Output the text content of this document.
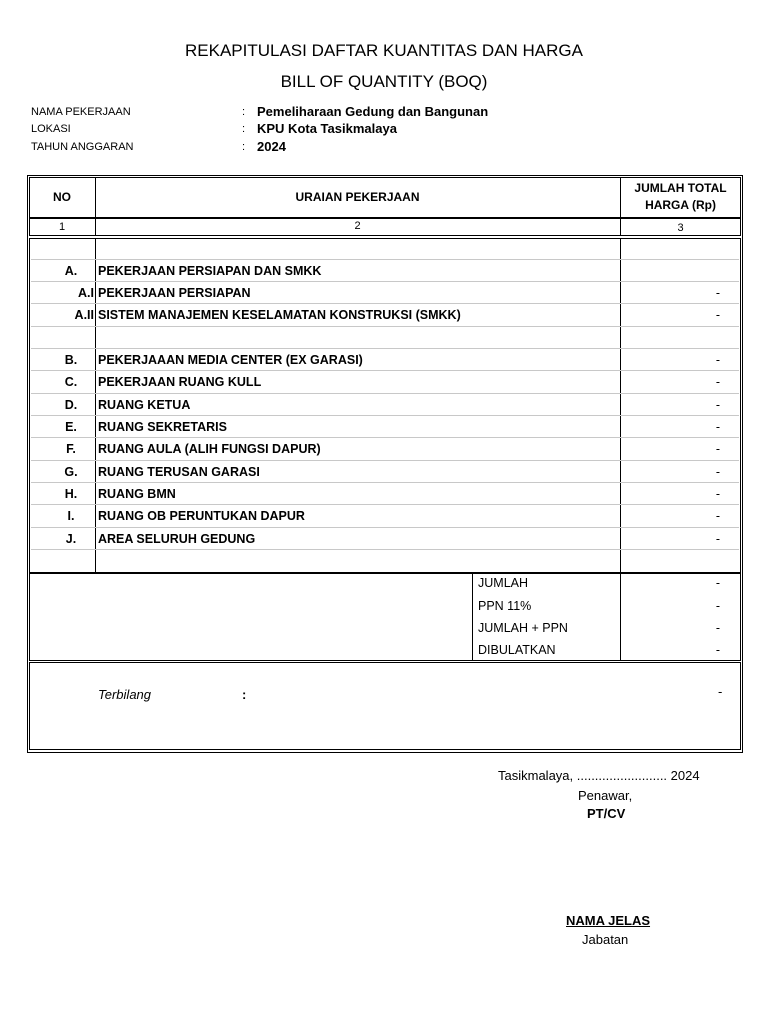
REKAPITULASI DAFTAR KUANTITAS DAN HARGA
BILL OF QUANTITY (BOQ)
NAMA PEKERJAAN	: Pemeliharaan Gedung dan Bangunan
LOKASI	: KPU Kota Tasikmalaya
TAHUN ANGGARAN	: 2024
NO	URAIAN PEKERJAAN
JUMLAH TOTAL
HARGA (Rp)
1	2	3
A.	PEKERJAAN PERSIAPAN DAN SMKK
A.I PEKERJAAN PERSIAPAN	-
A.II SISTEM MANAJEMEN KESELAMATAN KONSTRUKSI (SMKK)	-
B.	PEKERJAAAN MEDIA CENTER (EX GARASI)	-
C.	PEKERJAAN RUANG KULL	-
D.	RUANG KETUA	-
E.	RUANG SEKRETARIS	-
F.	RUANG AULA (ALIH FUNGSI DAPUR)	-
G.	RUANG TERUSAN GARASI	-
H.	RUANG BMN	-
I.	RUANG OB PERUNTUKAN DAPUR	-
J.	AREA SELURUH GEDUNG	-
JUMLAH	-
PPN 11%	-
JUMLAH + PPN	-
DIBULATKAN	-
Terbilang	:	-
Tasikmalaya, ......................... 2024
Penawar,
PT/CV
NAMA JELAS
Jabatan
